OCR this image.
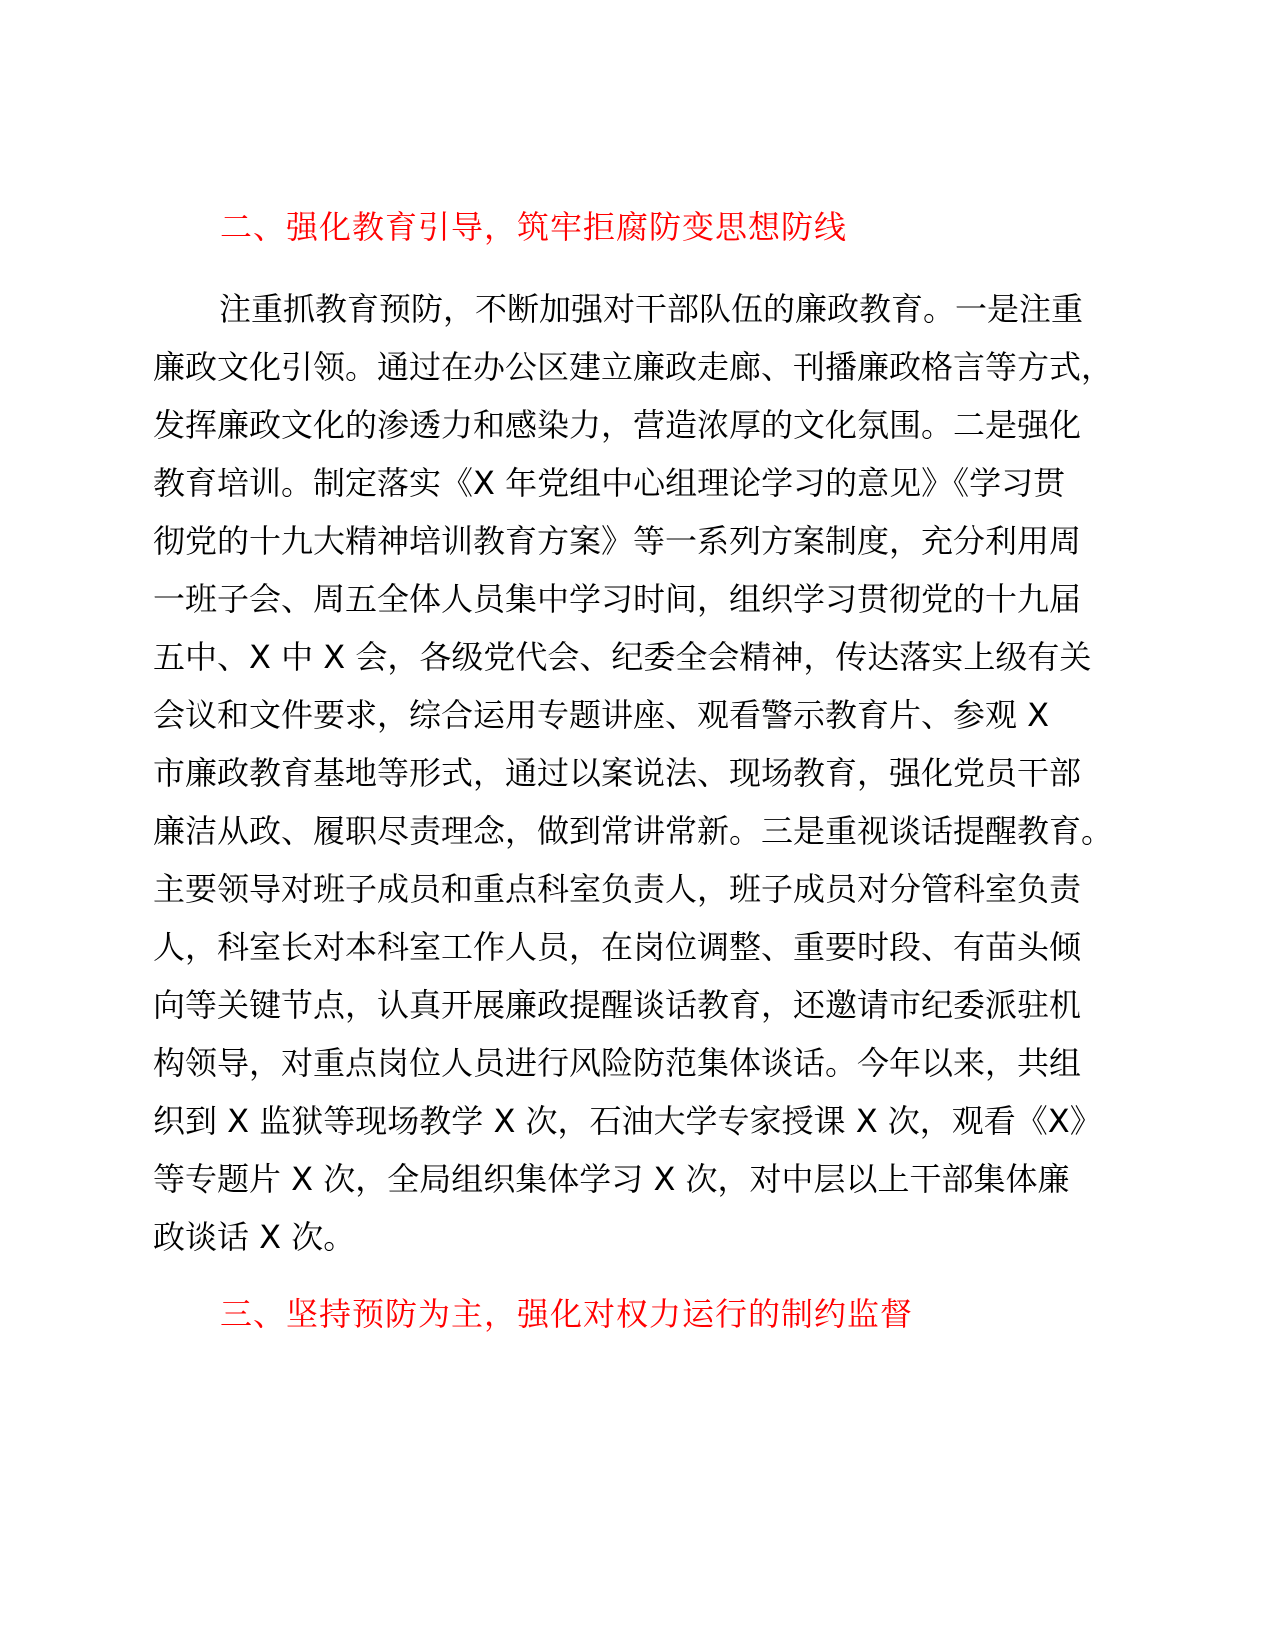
二、强化教育引导，筑牢拒腐防变思想防线
注重抓教育预防，不断加强对干部队伍的廉政教育。一是注重
廉政文化引领。通过在办公区建立廉政走廊、刊播廉政格言等方式，
发挥廉政文化的渗透力和感染力，营造浓厚的文化氛围。二是强化
教育培训。制定落实《X 年党组中心组理论学习的意见》《学习贯
彻党的十九大精神培训教育方案》等一系列方案制度，充分利用周
一班子会、周五全体人员集中学习时间，组织学习贯彻党的十九届
五中、X 中 X 会，各级党代会、纪委全会精神，传达落实上级有关
会议和文件要求，综合运用专题讲座、观看警示教育片、参观 X
市廉政教育基地等形式，通过以案说法、现场教育，强化党员干部
廉洁从政、履职尽责理念，做到常讲常新。三是重视谈话提醒教育。
主要领导对班子成员和重点科室负责人，班子成员对分管科室负责
人，科室长对本科室工作人员，在岗位调整、重要时段、有苗头倾
向等关键节点，认真开展廉政提醒谈话教育，还邀请市纪委派驻机
构领导，对重点岗位人员进行风险防范集体谈话。今年以来，共组
织到 X 监狱等现场教学 X 次，石油大学专家授课 X 次，观看《X》
等专题片 X 次，全局组织集体学习 X 次，对中层以上干部集体廉
政谈话 X 次。
三、坚持预防为主，强化对权力运行的制约监督
